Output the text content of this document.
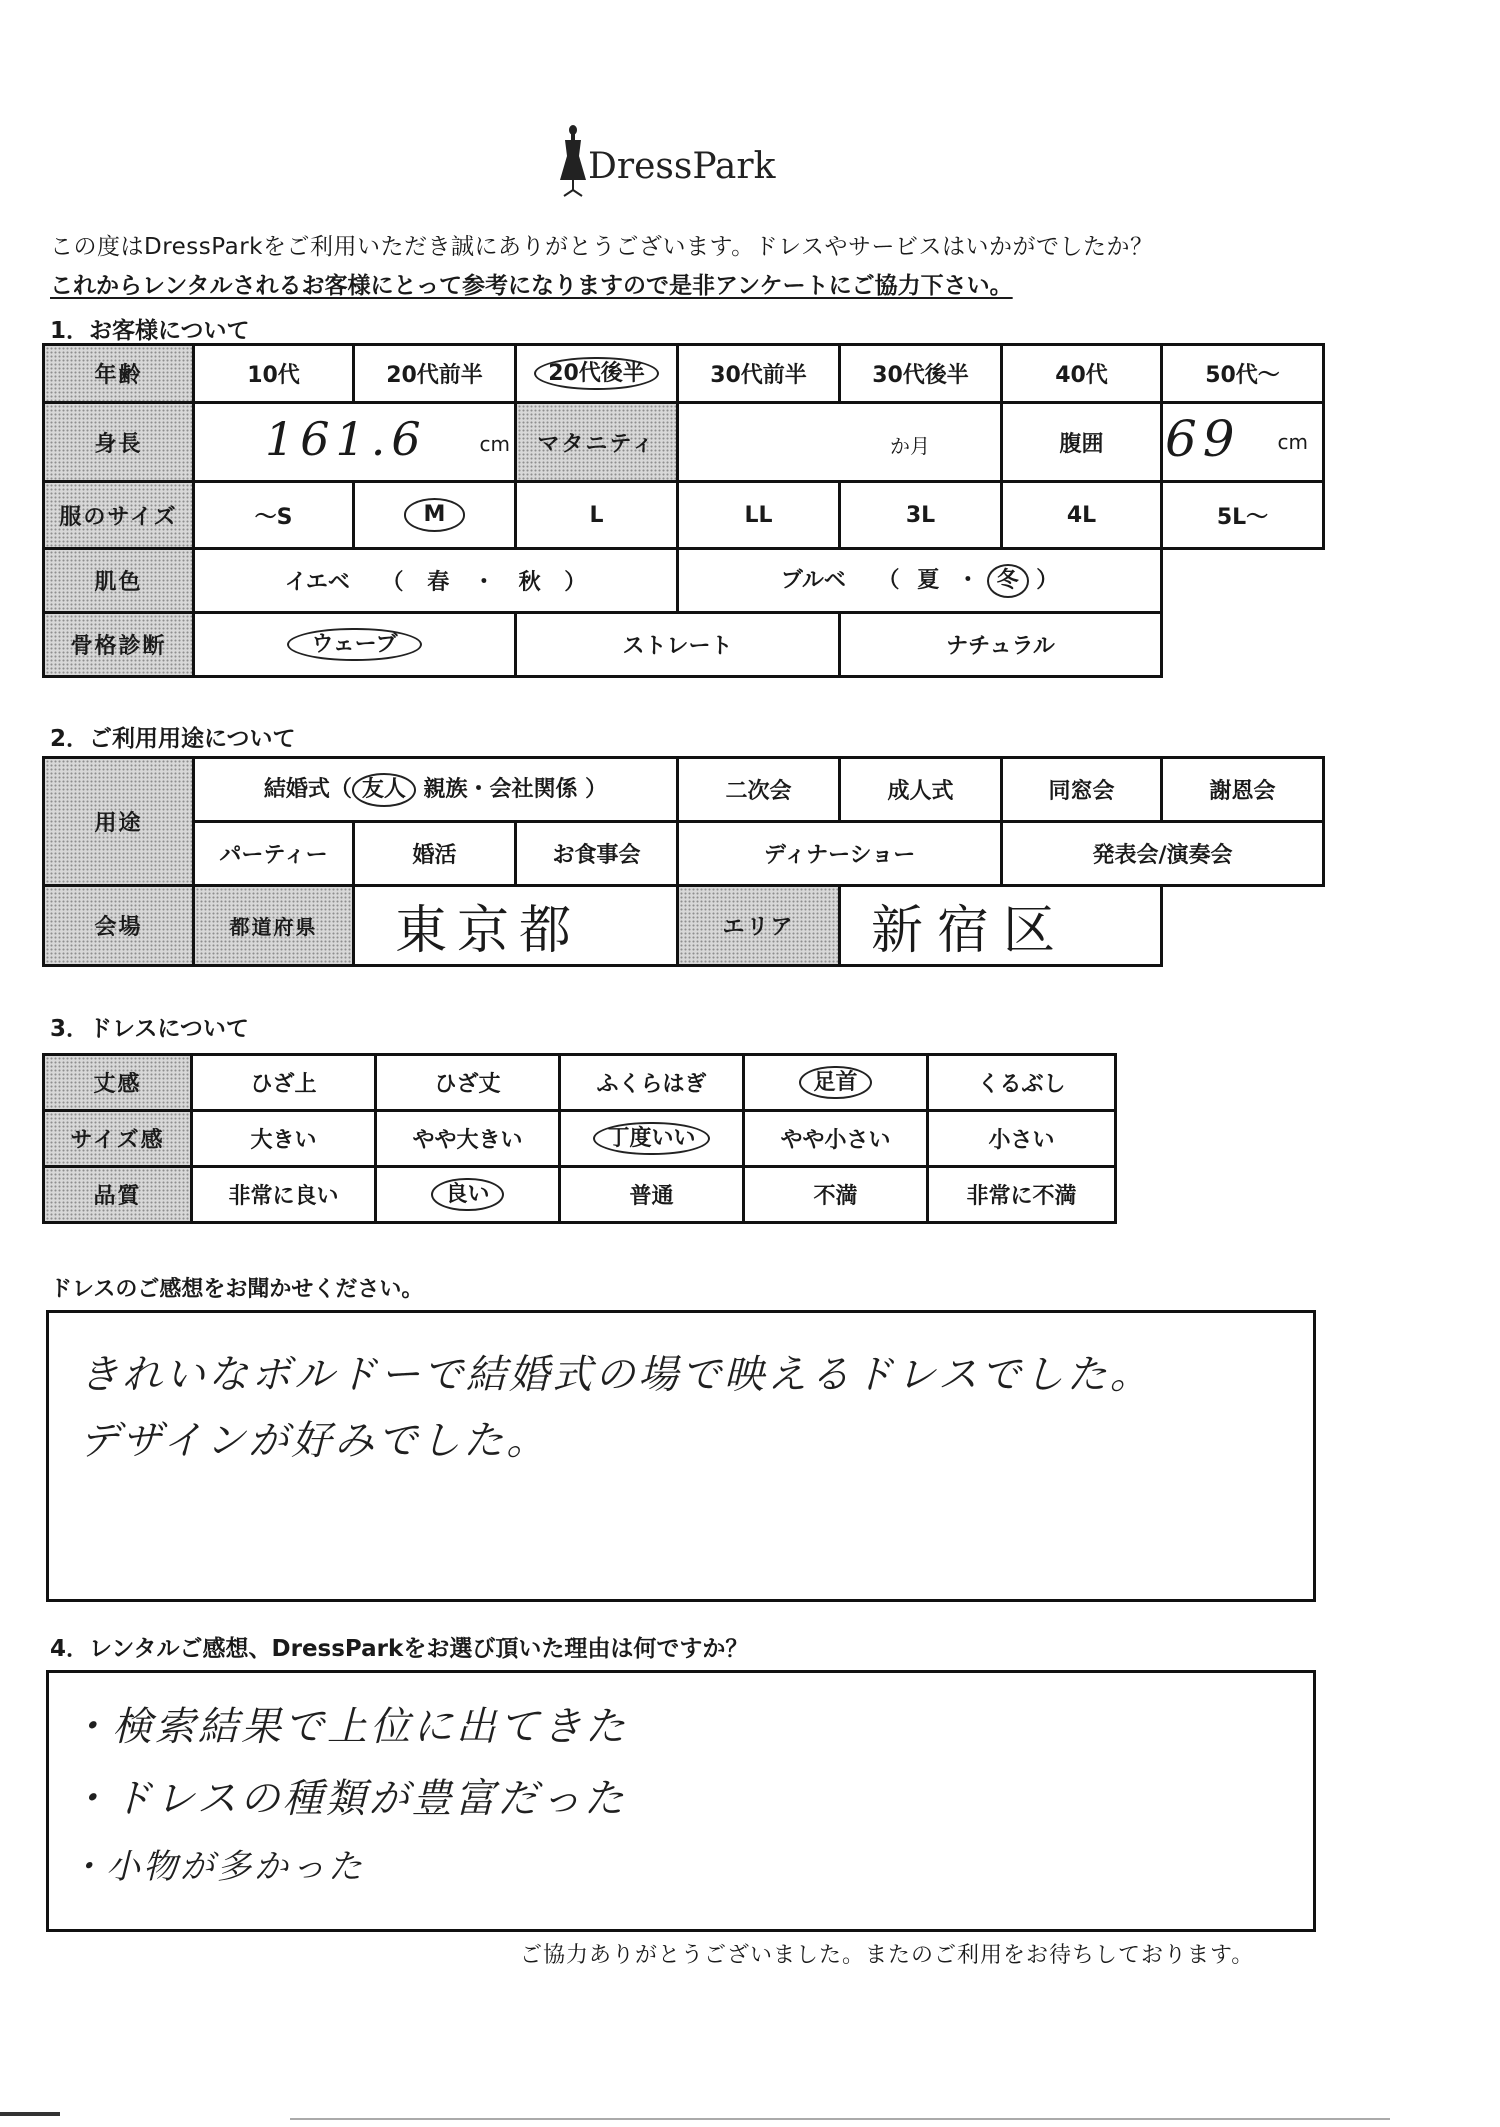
DressPark
この度はDressParkをご利用いただき誠にありがとうございます。ドレスやサービスはいかがでしたか？
これからレンタルされるお客様にとって参考になりますので是非アンケートにご協力下さい。
1．お客様について
年齢	10代	20代前半	20代後半	30代前半	30代後半	40代	50代～
身長	161.6 cm		マタニティ	か月		腹囲	69 cm

服のサイズ	～S	M	L	LL	3L	4L	5L～
肌色	イエベ （ 春 ・ 秋 ）			ブルベ （ 夏 ・ 冬 ）			
骨格診断	ウェーブ		ストレート		ナチュラル		
2．ご利用用途について
用途	結婚式（ 友人 親族・会社関係 ）			二次会	成人式	同窓会	謝恩会
	パーティー	婚活	お食事会	ディナーショー		発表会/演奏会	
会場	都道府県	東京都		エリア	新宿区		
3．ドレスについて
丈感	ひざ上	ひざ丈	ふくらはぎ	足首	くるぶし
サイズ感	大きい	やや大きい	丁度いい	やや小さい	小さい
品質	非常に良い	良い	普通	不満	非常に不満
ドレスのご感想をお聞かせください。
きれいなボルドーで結婚式の場で映えるドレスでした。
デザインが好みでした。
4．レンタルご感想、DressParkをお選び頂いた理由は何ですか？
・検索結果で上位に出てきた
・ドレスの種類が豊富だった
・小物が多かった
ご協力ありがとうございました。またのご利用をお待ちしております。
